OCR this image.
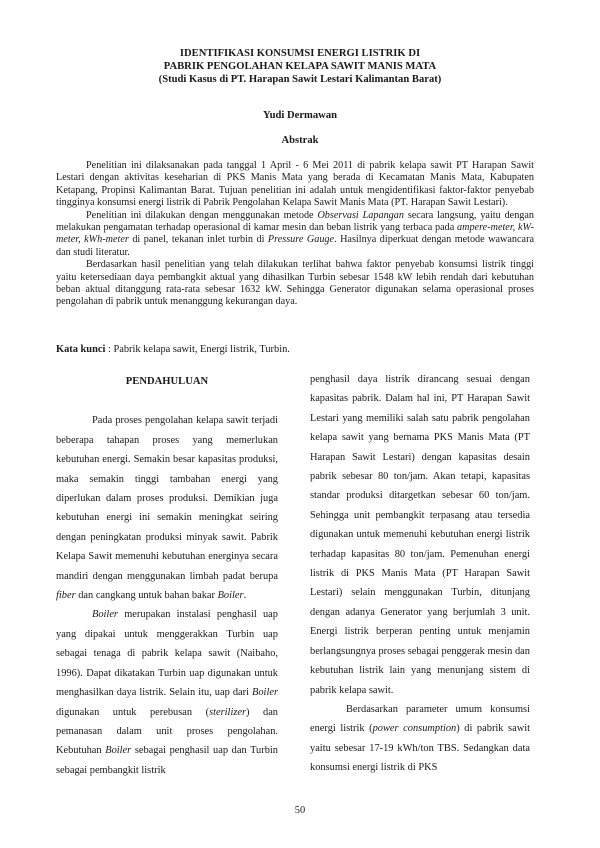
IDENTIFIKASI KONSUMSI ENERGI LISTRIK DI
PABRIK PENGOLAHAN KELAPA SAWIT MANIS MATA
(Studi Kasus di PT. Harapan Sawit Lestari Kalimantan Barat)
Yudi Dermawan
Abstrak

Penelitian ini dilaksanakan pada tanggal 1 April - 6 Mei 2011 di pabrik kelapa sawit PT Harapan Sawit Lestari dengan aktivitas keseharian di PKS Manis Mata yang berada di Kecamatan Manis Mata, Kabupaten Ketapang, Propinsi Kalimantan Barat. Tujuan penelitian ini adalah untuk mengidentifikasi faktor-faktor penyebab tingginya konsumsi energi listrik di Pabrik Pengolahan Kelapa Sawit Manis Mata (PT. Harapan Sawit Lestari).

Penelitian ini dilakukan dengan menggunakan metode Observasi Lapangan secara langsung, yaitu dengan melakukan pengamatan terhadap operasional di kamar mesin dan beban listrik yang terbaca pada ampere-meter, kW-meter, kWh-meter di panel, tekanan inlet turbin di Pressure Gauge. Hasilnya diperkuat dengan metode wawancara dan studi literatur.

Berdasarkan hasil penelitian yang telah dilakukan terlihat bahwa faktor penyebab konsumsi listrik tinggi yaitu ketersediaan daya pembangkit aktual yang dihasilkan Turbin sebesar 1548 kW lebih rendah dari kebutuhan beban aktual ditanggung rata-rata sebesar 1632 kW. Sehingga Generator digunakan selama operasional proses pengolahan di pabrik untuk menanggung kekurangan daya.

Kata kunci : Pabrik kelapa sawit, Energi listrik, Turbin.

PENDAHULUAN

Pada proses pengolahan kelapa sawit terjadi beberapa tahapan proses yang memerlukan kebutuhan energi. Semakin besar kapasitas produksi, maka semakin tinggi tambahan energi yang diperlukan dalam proses produksi. Demikian juga kebutuhan energi ini semakin meningkat seiring dengan peningkatan produksi minyak sawit. Pabrik Kelapa Sawit memenuhi kebutuhan energinya secara mandiri dengan menggunakan limbah padat berupa fiber dan cangkang untuk bahan bakar Boiler.

Boiler merupakan instalasi penghasil uap yang dipakai untuk menggerakkan Turbin uap sebagai tenaga di pabrik kelapa sawit (Naibaho, 1996). Dapat dikatakan Turbin uap digunakan untuk menghasilkan daya listrik. Selain itu, uap dari Boiler digunakan untuk perebusan (sterilizer) dan pemanasan dalam unit proses pengolahan. Kebutuhan Boiler sebagai penghasil uap dan Turbin sebagai pembangkit listrik

penghasil daya listrik dirancang sesuai dengan kapasitas pabrik. Dalam hal ini, PT Harapan Sawit Lestari yang memiliki salah satu pabrik pengolahan kelapa sawit yang bernama PKS Manis Mata (PT Harapan Sawit Lestari) dengan kapasitas desain pabrik sebesar 80 ton/jam. Akan tetapi, kapasitas standar produksi ditargetkan sebesar 60 ton/jam. Sehingga unit pembangkit terpasang atau tersedia digunakan untuk memenuhi kebutuhan energi listrik terhadap kapasitas 80 ton/jam. Pemenuhan energi listrik di PKS Manis Mata (PT Harapan Sawit Lestari) selain menggunakan Turbin, ditunjang dengan adanya Generator yang berjumlah 3 unit. Energi listrik berperan penting untuk menjamin berlangsungnya proses sebagai penggerak mesin dan kebutuhan listrik lain yang menunjang sistem di pabrik kelapa sawit.

Berdasarkan parameter umum konsumsi energi listrik (power consumption) di pabrik sawit yaitu sebesar 17-19 kWh/ton TBS. Sedangkan data konsumsi energi listrik di PKS

50
